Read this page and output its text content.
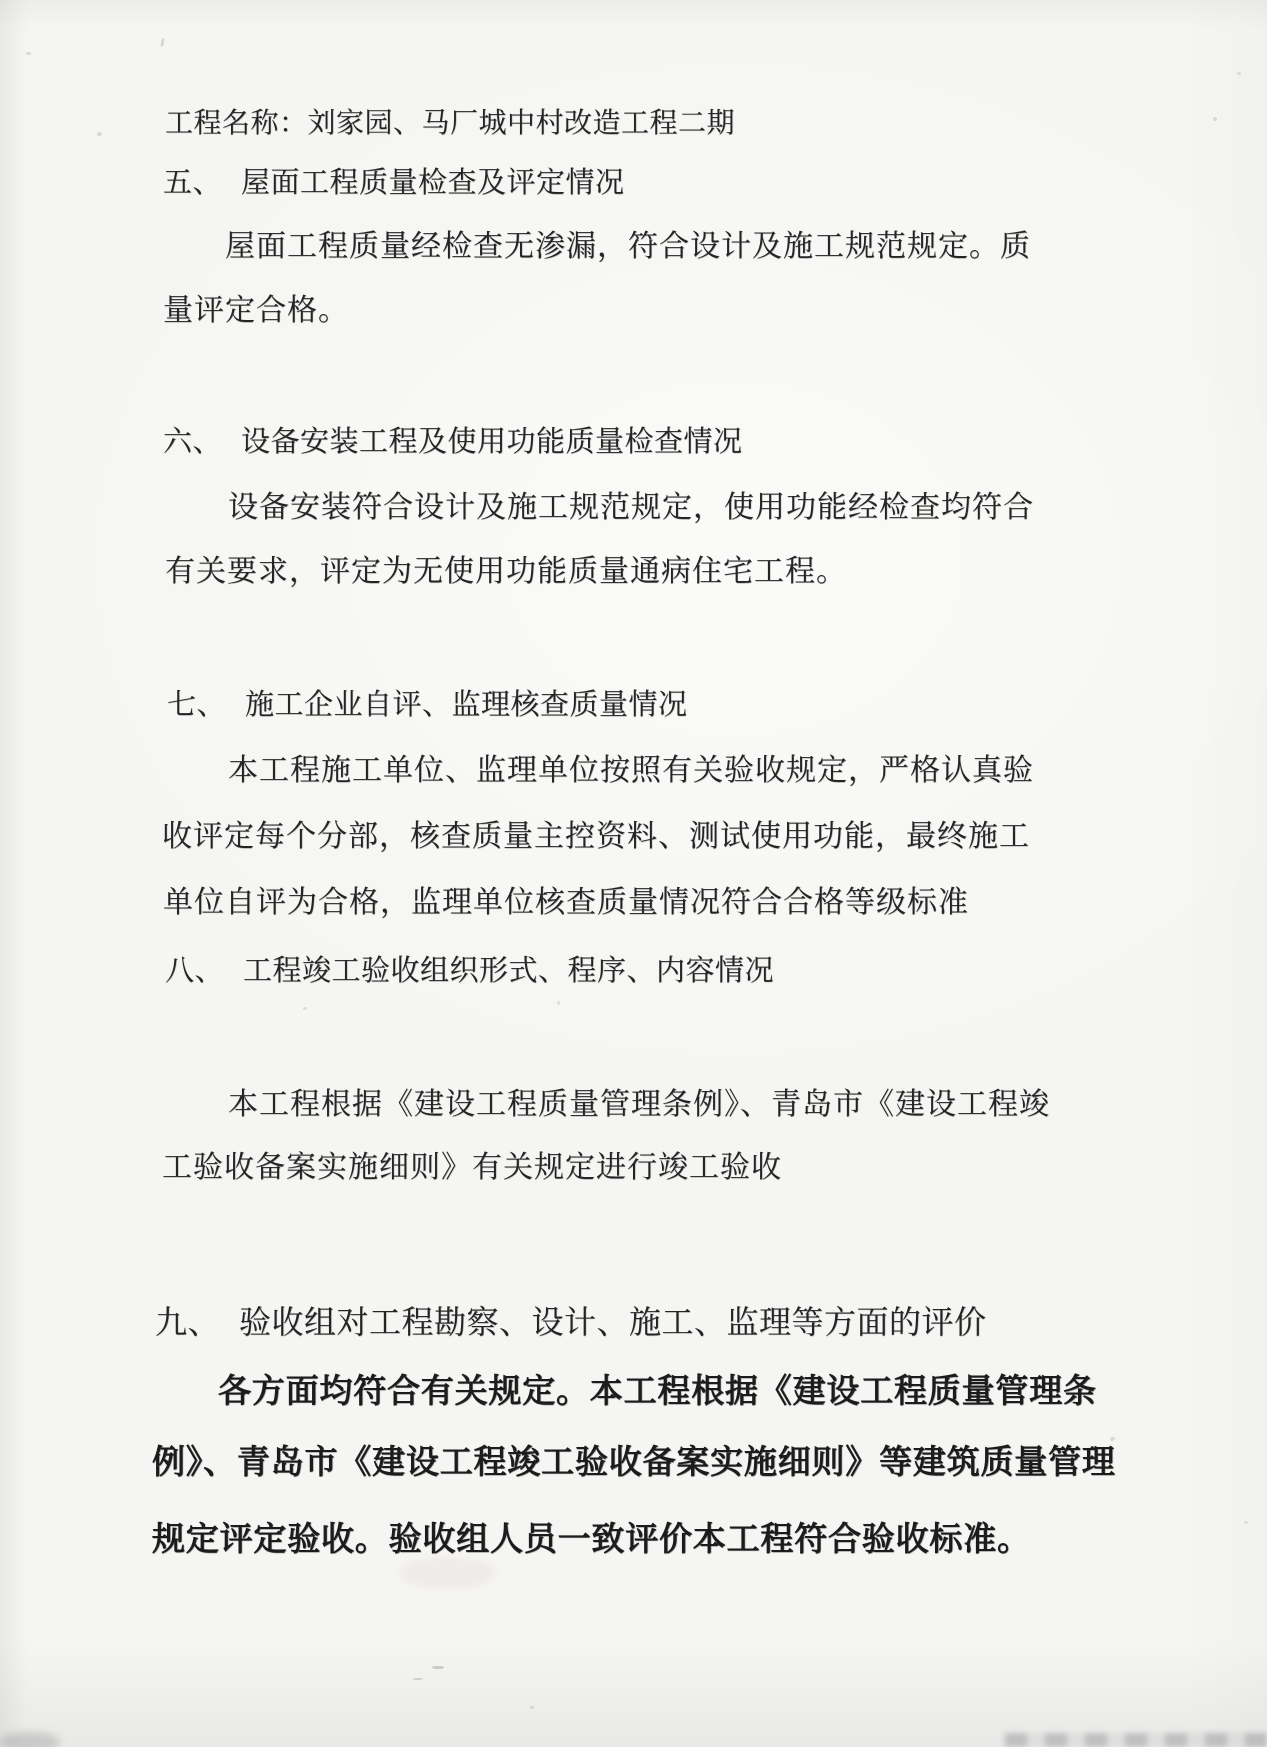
工程名称：刘家园、马厂城中村改造工程二期
五、 屋面工程质量检查及评定情况
屋面工程质量经检查无渗漏，符合设计及施工规范规定。质
量评定合格。
六、 设备安装工程及使用功能质量检查情况
设备安装符合设计及施工规范规定，使用功能经检查均符合
有关要求，评定为无使用功能质量通病住宅工程。
七、 施工企业自评、监理核查质量情况
本工程施工单位、监理单位按照有关验收规定，严格认真验
收评定每个分部，核查质量主控资料、测试使用功能，最终施工
单位自评为合格，监理单位核查质量情况符合合格等级标准
八、 工程竣工验收组织形式、程序、内容情况
本工程根据《建设工程质量管理条例》、青岛市《建设工程竣
工验收备案实施细则》有关规定进行竣工验收
九、 验收组对工程勘察、设计、施工、监理等方面的评价
各方面均符合有关规定。本工程根据《建设工程质量管理条
例》、青岛市《建设工程竣工验收备案实施细则》等建筑质量管理
规定评定验收。验收组人员一致评价本工程符合验收标准。
